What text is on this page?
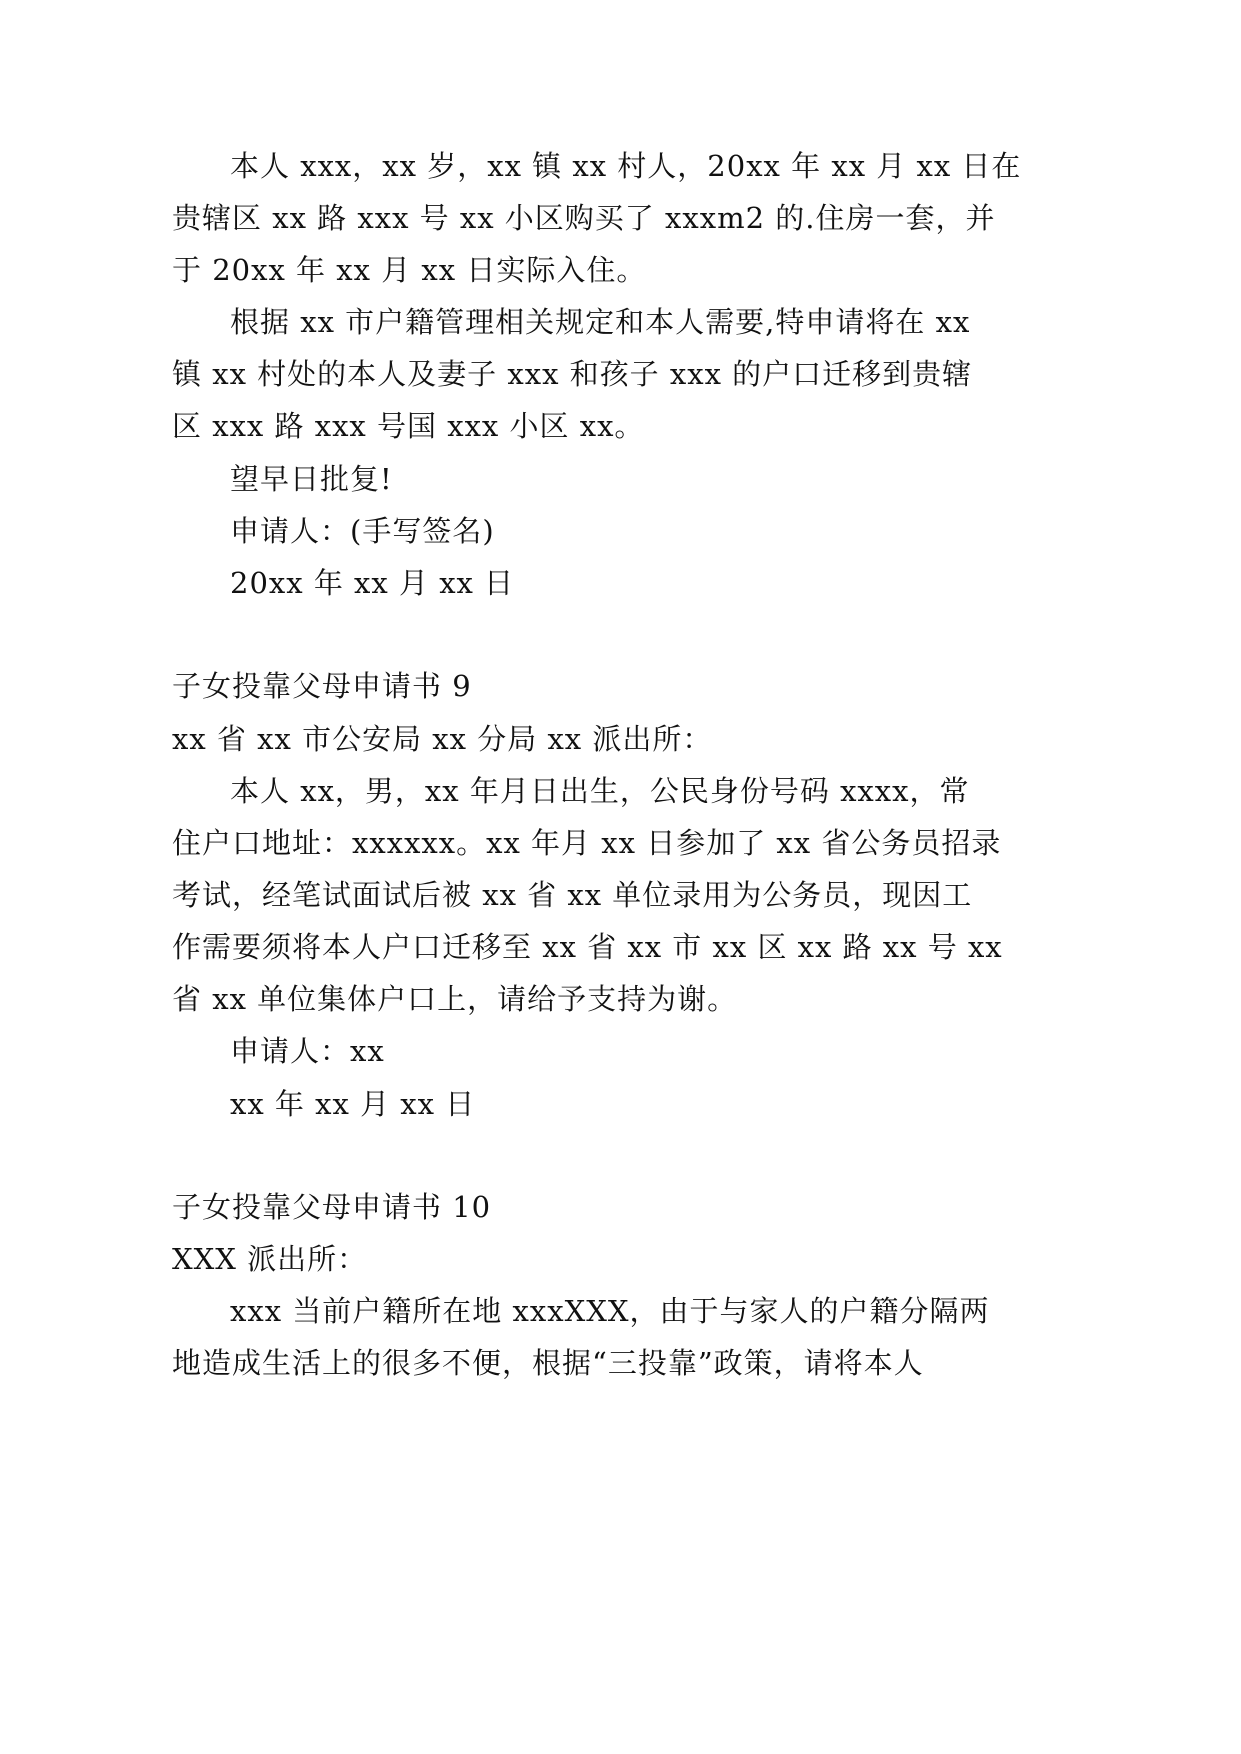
本人 xxx，xx 岁，xx 镇 xx 村人，20xx 年 xx 月 xx 日在
贵辖区 xx 路 xxx 号 xx 小区购买了 xxxm2 的.住房一套，并
于 20xx 年 xx 月 xx 日实际入住。
根据 xx 市户籍管理相关规定和本人需要,特申请将在 xx
镇 xx 村处的本人及妻子 xxx 和孩子 xxx 的户口迁移到贵辖
区 xxx 路 xxx 号国 xxx 小区 xx。
望早日批复!
申请人：(手写签名)
20xx 年 xx 月 xx 日
子女投靠父母申请书 9
xx 省 xx 市公安局 xx 分局 xx 派出所：
本人 xx，男，xx 年月日出生，公民身份号码 xxxx，常
住户口地址：xxxxxx。xx 年月 xx 日参加了 xx 省公务员招录
考试，经笔试面试后被 xx 省 xx 单位录用为公务员，现因工
作需要须将本人户口迁移至 xx 省 xx 市 xx 区 xx 路 xx 号 xx
省 xx 单位集体户口上，请给予支持为谢。
申请人：xx
xx 年 xx 月 xx 日
子女投靠父母申请书 10
XXX 派出所：
xxx 当前户籍所在地 xxxXXX，由于与家人的户籍分隔两
地造成生活上的很多不便，根据“三投靠”政策，请将本人
